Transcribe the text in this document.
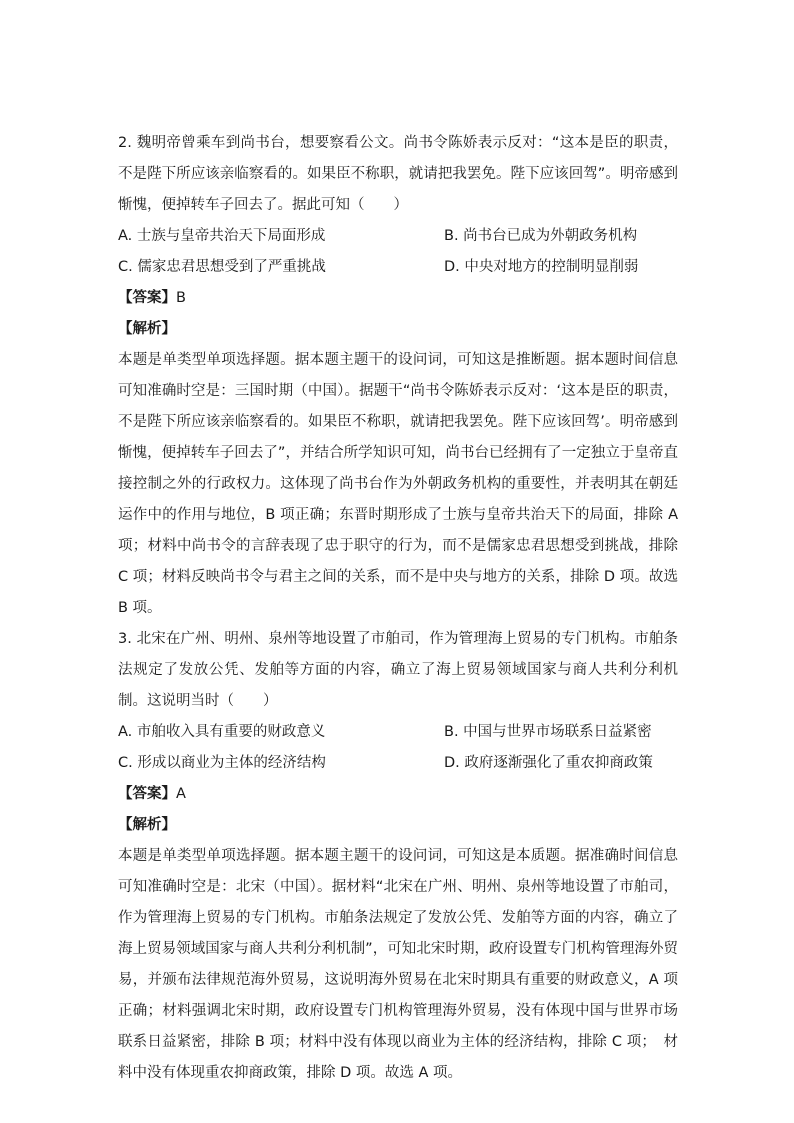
2. 魏明帝曾乘车到尚书台，想要察看公文。尚书令陈娇表示反对：“这本是臣的职责，不是陛下所应该亲临察看的。如果臣不称职，就请把我罢免。陛下应该回驾”。明帝感到惭愧，便掉转车子回去了。据此可知（　　）

A. 士族与皇帝共治天下局面形成	B. 尚书台已成为外朝政务机构
C. 儒家忠君思想受到了严重挑战	D. 中央对地方的控制明显削弱

【答案】B

【解析】

本题是单类型单项选择题。据本题主题干的设问词，可知这是推断题。据本题时间信息可知准确时空是：三国时期（中国）。据题干“尚书令陈娇表示反对：‘这本是臣的职责，不是陛下所应该亲临察看的。如果臣不称职，就请把我罢免。陛下应该回驾’。明帝感到惭愧，便掉转车子回去了”，并结合所学知识可知，尚书台已经拥有了一定独立于皇帝直接控制之外的行政权力。这体现了尚书台作为外朝政务机构的重要性，并表明其在朝廷运作中的作用与地位，B 项正确；东晋时期形成了士族与皇帝共治天下的局面，排除 A 项；材料中尚书令的言辞表现了忠于职守的行为，而不是儒家忠君思想受到挑战，排除 C 项；材料反映尚书令与君主之间的关系，而不是中央与地方的关系，排除 D 项。故选 B 项。

3. 北宋在广州、明州、泉州等地设置了市舶司，作为管理海上贸易的专门机构。市舶条法规定了发放公凭、发舶等方面的内容，确立了海上贸易领域国家与商人共利分利机制。这说明当时（　　）

A. 市舶收入具有重要的财政意义	B. 中国与世界市场联系日益紧密
C. 形成以商业为主体的经济结构	D. 政府逐渐强化了重农抑商政策

【答案】A

【解析】

本题是单类型单项选择题。据本题主题干的设问词，可知这是本质题。据准确时间信息可知准确时空是：北宋（中国）。据材料“北宋在广州、明州、泉州等地设置了市舶司，作为管理海上贸易的专门机构。市舶条法规定了发放公凭、发舶等方面的内容，确立了海上贸易领域国家与商人共利分利机制”，可知北宋时期，政府设置专门机构管理海外贸易，并颁布法律规范海外贸易，这说明海外贸易在北宋时期具有重要的财政意义，A 项正确；材料强调北宋时期，政府设置专门机构管理海外贸易，没有体现中国与世界市场联系日益紧密，排除 B 项；材料中没有体现以商业为主体的经济结构，排除 C 项；　材料中没有体现重农抑商政策，排除 D 项。故选 A 项。
